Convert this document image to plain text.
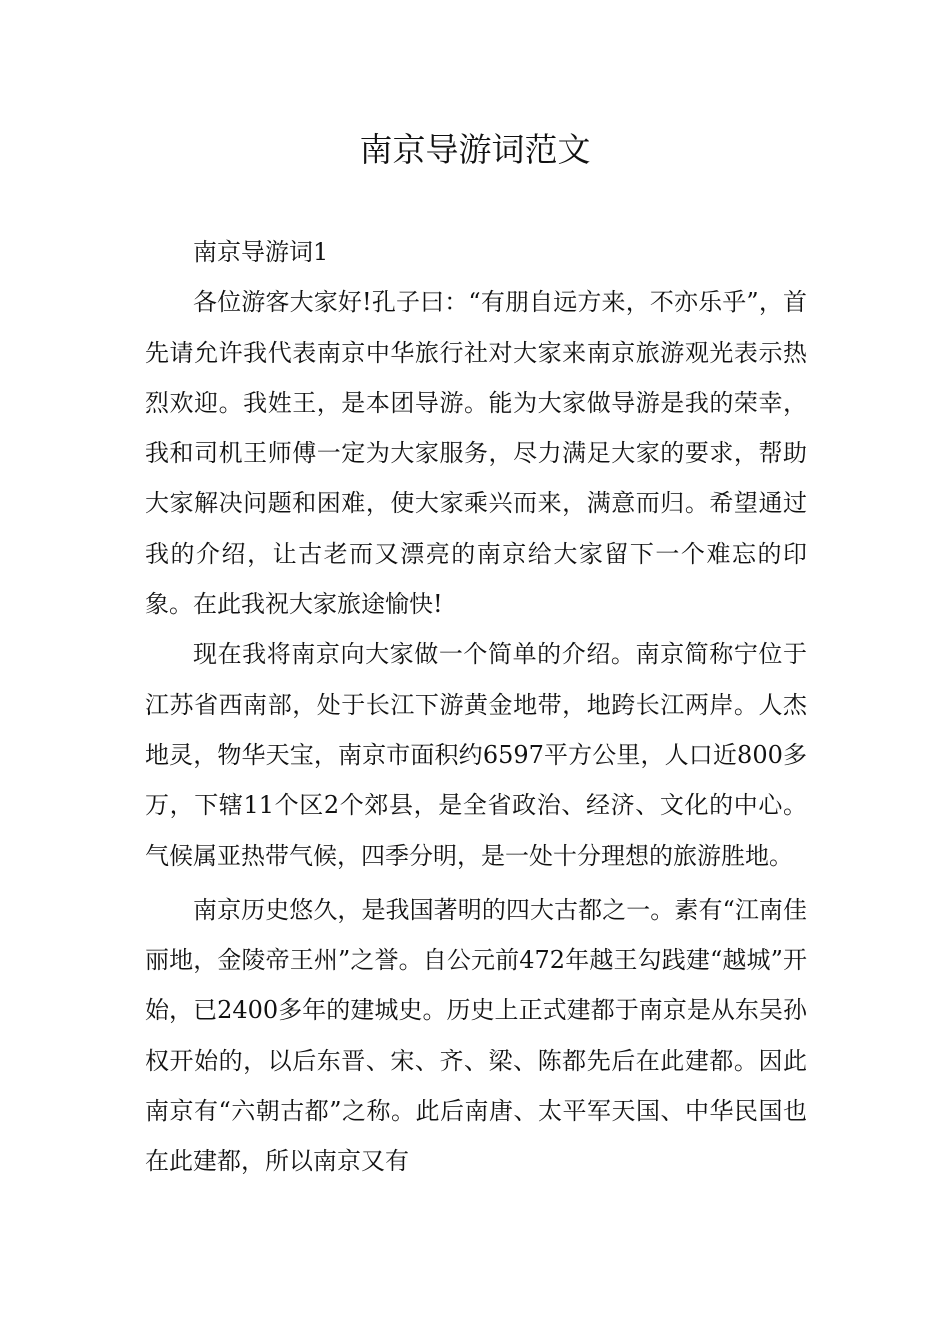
南京导游词范文

南京导游词1

各位游客大家好!孔子曰：“有朋自远方来，不亦乐乎”，首先请允许我代表南京中华旅行社对大家来南京旅游观光表示热烈欢迎。我姓王，是本团导游。能为大家做导游是我的荣幸，我和司机王师傅一定为大家服务，尽力满足大家的要求，帮助大家解决问题和困难，使大家乘兴而来，满意而归。希望通过我的介绍，让古老而又漂亮的南京给大家留下一个难忘的印象。在此我祝大家旅途愉快!

现在我将南京向大家做一个简单的介绍。南京简称宁位于江苏省西南部，处于长江下游黄金地带，地跨长江两岸。人杰地灵，物华天宝，南京市面积约6597平方公里，人口近800多万，下辖11个区2个郊县，是全省政治、经济、文化的中心。气候属亚热带气候，四季分明，是一处十分理想的旅游胜地。

南京历史悠久，是我国著明的四大古都之一。素有“江南佳丽地，金陵帝王州”之誉。自公元前472年越王勾践建“越城”开始，已2400多年的建城史。历史上正式建都于南京是从东吴孙权开始的，以后东晋、宋、齐、梁、陈都先后在此建都。因此南京有“六朝古都”之称。此后南唐、太平军天国、中华民国也在此建都，所以南京又有
